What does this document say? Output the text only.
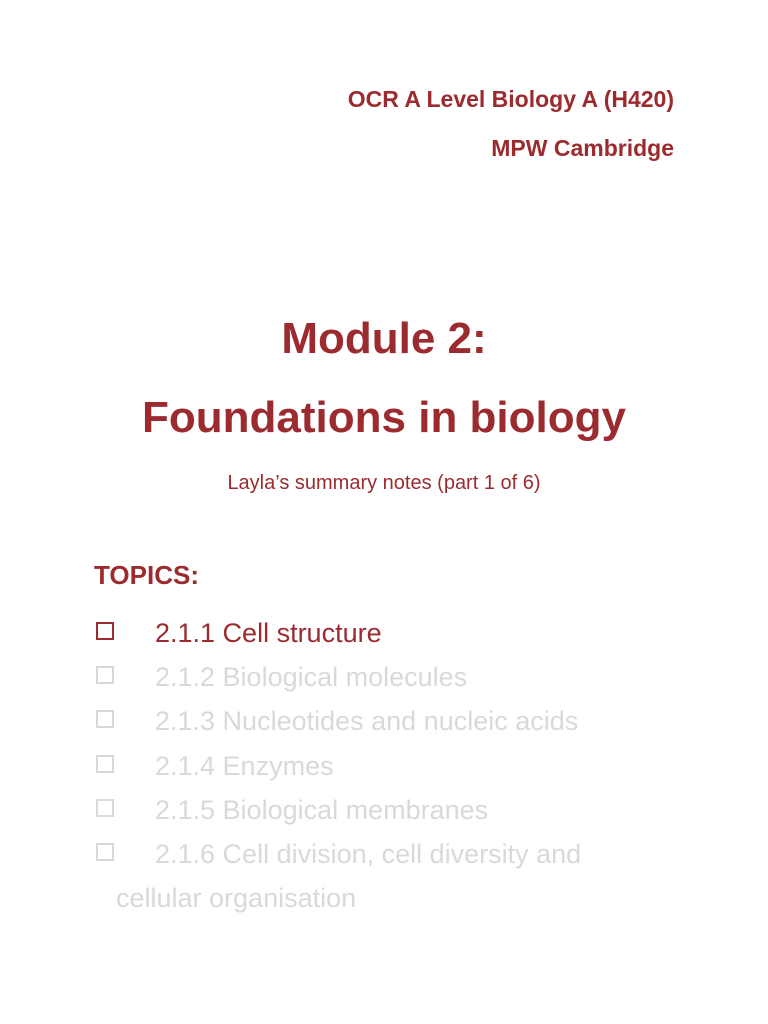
OCR A Level Biology A (H420)
MPW Cambridge
Module 2:
Foundations in biology
Layla’s summary notes (part 1 of 6)
TOPICS:
2.1.1 Cell structure
2.1.2 Biological molecules
2.1.3 Nucleotides and nucleic acids
2.1.4 Enzymes
2.1.5 Biological membranes
2.1.6 Cell division, cell diversity and
cellular organisation
